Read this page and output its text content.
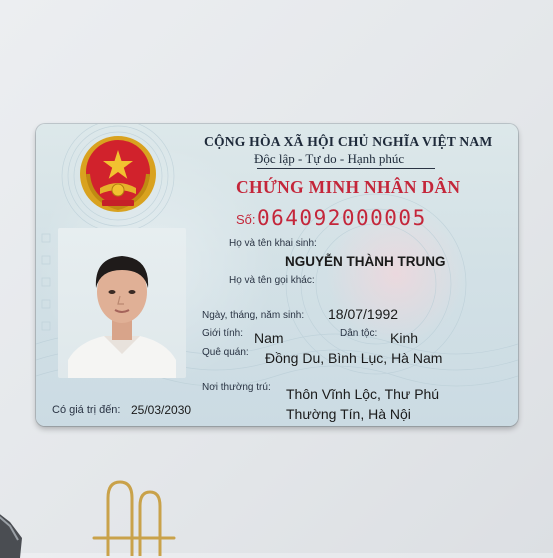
CỘNG HÒA XÃ HỘI CHỦ NGHĨA VIỆT NAM
Độc lập - Tự do - Hạnh phúc
CHỨNG MINH NHÂN DÂN
Số: 064092000005
Họ và tên khai sinh:
NGUYỄN THÀNH TRUNG
Họ và tên gọi khác:
Ngày, tháng, năm sinh: 18/07/1992
Giới tính: Nam	Dân tộc: Kinh
Quê quán: Đồng Du, Bình Lục, Hà Nam
Nơi thường trú: Thôn Vĩnh Lộc, Thư Phú
Thường Tín, Hà Nội
Có giá trị đến: 25/03/2030
